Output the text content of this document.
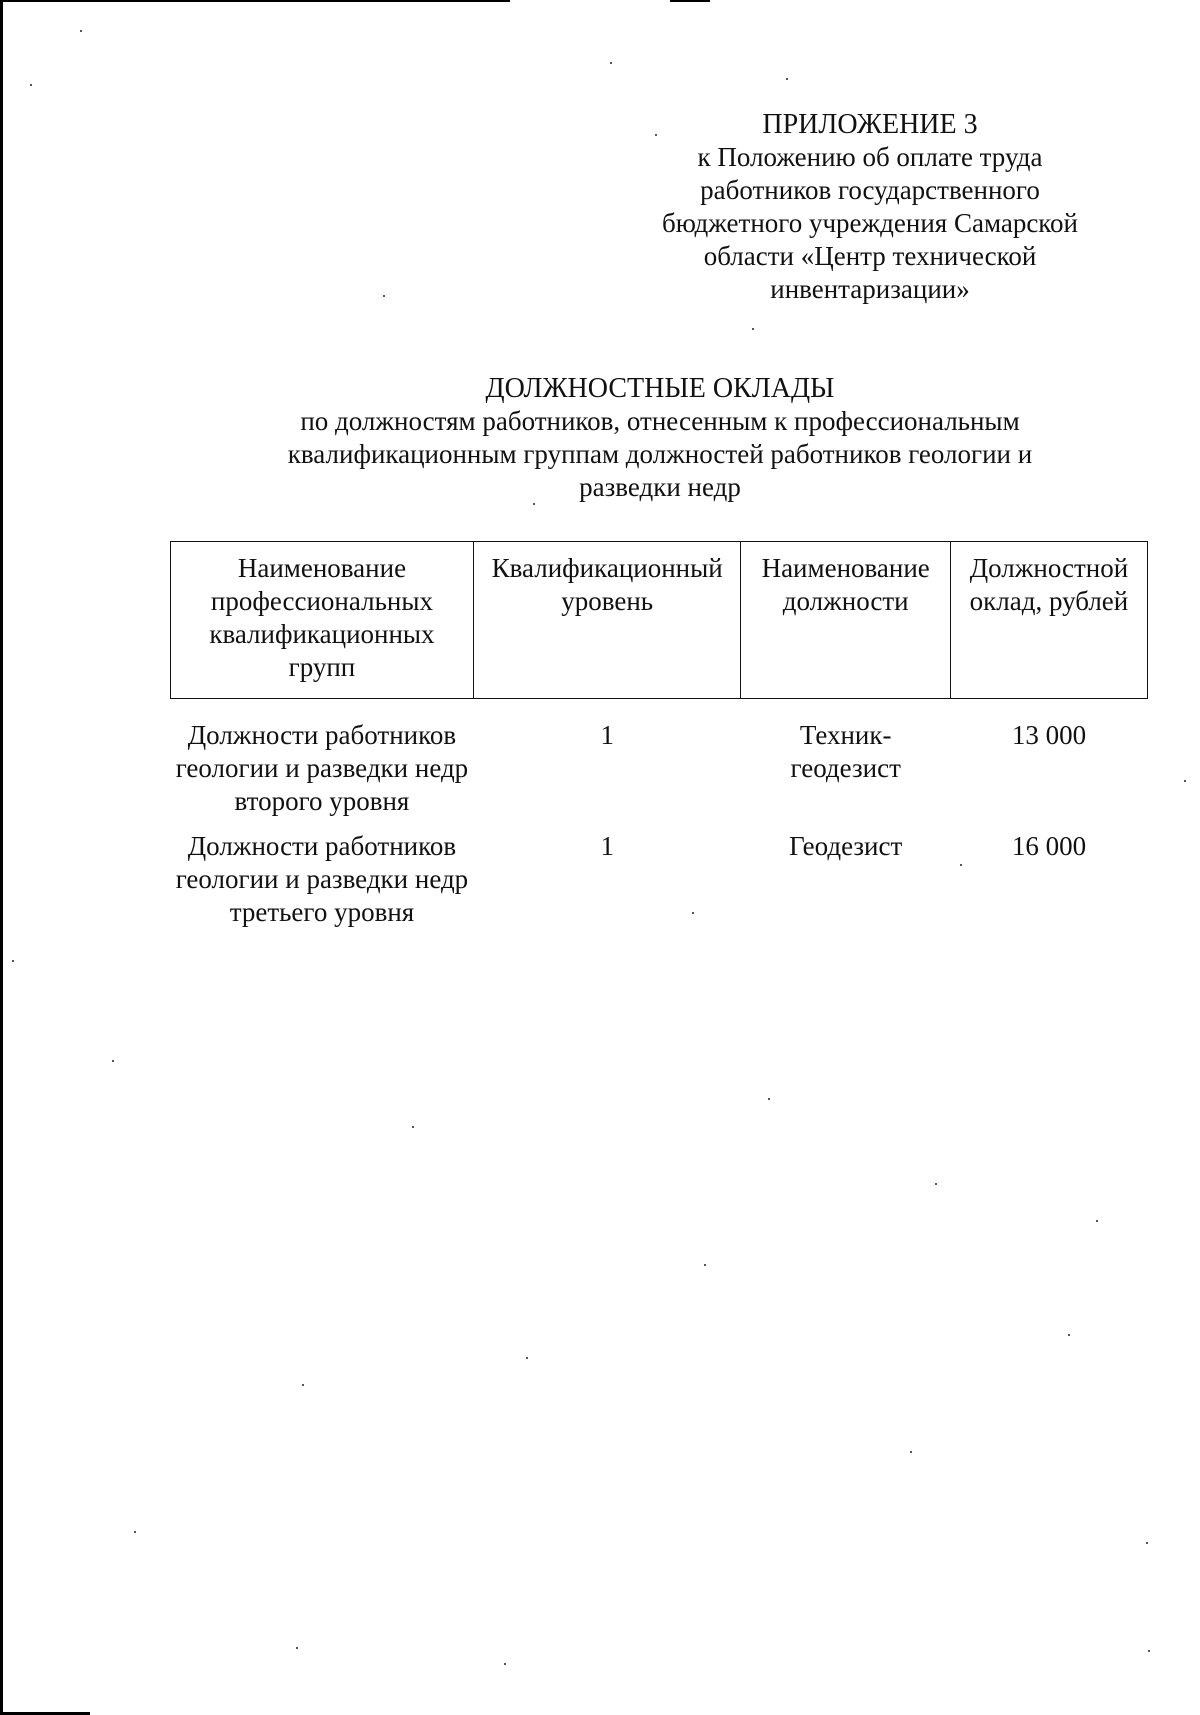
ПРИЛОЖЕНИЕ 3
к Положению об оплате труда
работников государственного
бюджетного учреждения Самарской
области «Центр технической
инвентаризации»
ДОЛЖНОСТНЫЕ ОКЛАДЫ
по должностям работников, отнесенным к профессиональным
квалификационным группам должностей работников геологии и
разведки недр
Наименование профессиональных квалификационных групп	Квалификационный уровень	Наименование должности	Должностной оклад, рублей
Должности работников геологии и разведки недр второго уровня	1	Техник-геодезист	13 000
Должности работников геологии и разведки недр третьего уровня	1	Геодезист	16 000
